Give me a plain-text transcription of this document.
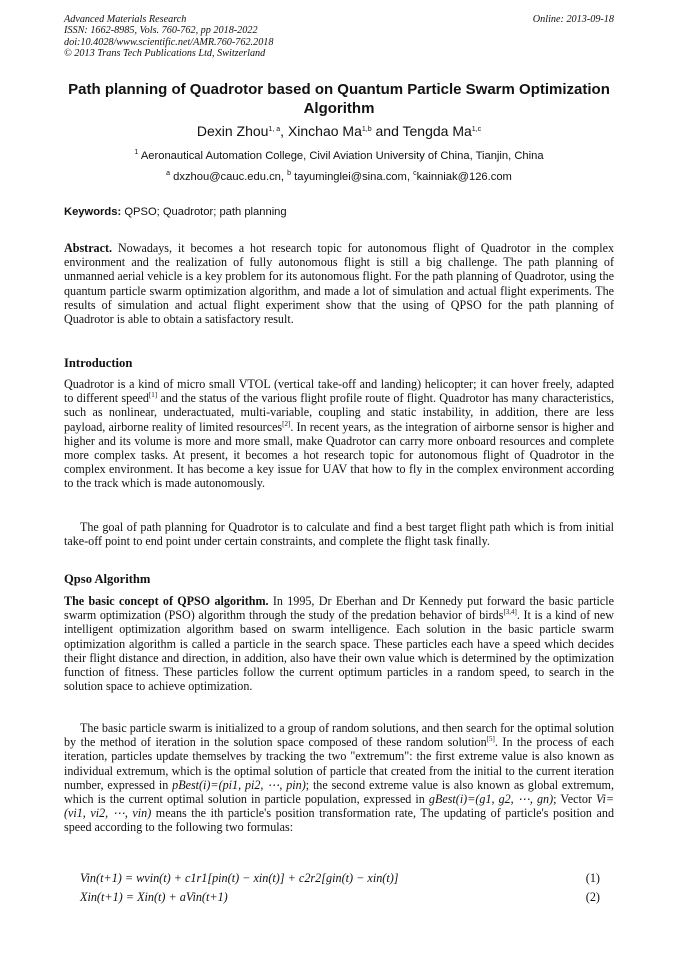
Advanced Materials Research
ISSN: 1662-8985, Vols. 760-762, pp 2018-2022
doi:10.4028/www.scientific.net/AMR.760-762.2018
© 2013 Trans Tech Publications Ltd, Switzerland
Online: 2013-09-18
Path planning of Quadrotor based on Quantum Particle Swarm Optimization Algorithm
Dexin Zhou$^{1, a}$, Xinchao Ma$^{1,b}$ and Tengda Ma$^{1,c}$
$^1$ Aeronautical Automation College, Civil Aviation University of China, Tianjin, China
$^a$ dxzhou@cauc.edu.cn, $^b$ tayuminglei@sina.com, $^c$kainniak@126.com
Keywords: QPSO; Quadrotor; path planning
Abstract. Nowadays, it becomes a hot research topic for autonomous flight of Quadrotor in the complex environment and the realization of fully autonomous flight is still a big challenge. The path planning of unmanned aerial vehicle is a key problem for its autonomous flight. For the path planning of Quadrotor, using the quantum particle swarm optimization algorithm, and made a lot of simulation and actual flight experiments. The results of simulation and actual flight experiment show that the using of QPSO for the path planning of Quadrotor is able to obtain a satisfactory result.
Introduction
Quadrotor is a kind of micro small VTOL (vertical take-off and landing) helicopter; it can hover freely, adapted to different speed[1] and the status of the various flight profile route of flight. Quadrotor has many characteristics, such as nonlinear, underactuated, multi-variable, coupling and static instability, in addition, there are less payload, airborne reality of limited resources[2]. In recent years, as the integration of airborne sensor is higher and higher and its volume is more and more small, make Quadrotor can carry more onboard resources and complete more complex tasks. At present, it becomes a hot research topic for autonomous flight of Quadrotor in the complex environment. It has become a key issue for UAV that how to fly in the complex environment according to the track which is made autonomously.
The goal of path planning for Quadrotor is to calculate and find a best target flight path which is from initial take-off point to end point under certain constraints, and complete the flight task finally.
Qpso Algorithm
The basic concept of QPSO algorithm. In 1995, Dr Eberhan and Dr Kennedy put forward the basic particle swarm optimization (PSO) algorithm through the study of the predation behavior of birds[3,4]. It is a kind of new intelligent optimization algorithm based on swarm intelligence. Each solution in the basic particle swarm optimization algorithm is called a particle in the search space. These particles each have a speed which decides their flight distance and direction, in addition, also have their own value which is determined by the optimization function of fitness. These particles follow the current optimum particles in a random speed, to search in the solution space to achieve optimization.
The basic particle swarm is initialized to a group of random solutions, and then search for the optimal solution by the method of iteration in the solution space composed of these random solution[5]. In the process of each iteration, particles update themselves by tracking the two "extremum": the first extreme value is also known as individual extremum, which is the optimal solution of particle that created from the initial to the current iteration number, expressed in pBest(i)=(pi1, pi2, ⋯, pin); the second extreme value is also known as global extremum, which is the current optimal solution in particle population, expressed in gBest(i)=(g1, g2, ⋯, gn); Vector Vi=(vi1, vi2, ⋯, vin) means the ith particle's position transformation rate, The updating of particle's position and speed according to the following two formulas:
Vin(t+1) = wvin(t) + c1r1[pin(t) − xin(t)] + c2r2[gin(t) − xin(t)]	(1)
Xin(t+1) = Xin(t) + aVin(t+1)	(2)
